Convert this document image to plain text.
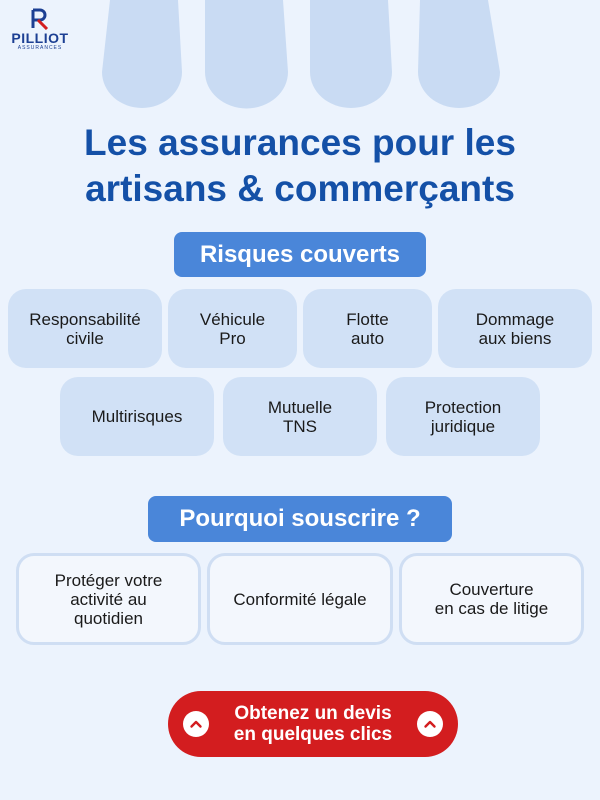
PILLIOT
ASSURANCES
Les assurances pour les
artisans & commerçants
Risques couverts
Responsabilité
civile
Véhicule
Pro
Flotte
auto
Dommage
aux biens
Multirisques	Mutuelle
TNS
Protection
juridique
Pourquoi souscrire ?
Protéger votre
activité au
quotidien
Conformité légale	Couverture
en cas de litige
Obtenez un devis
en quelques clics
